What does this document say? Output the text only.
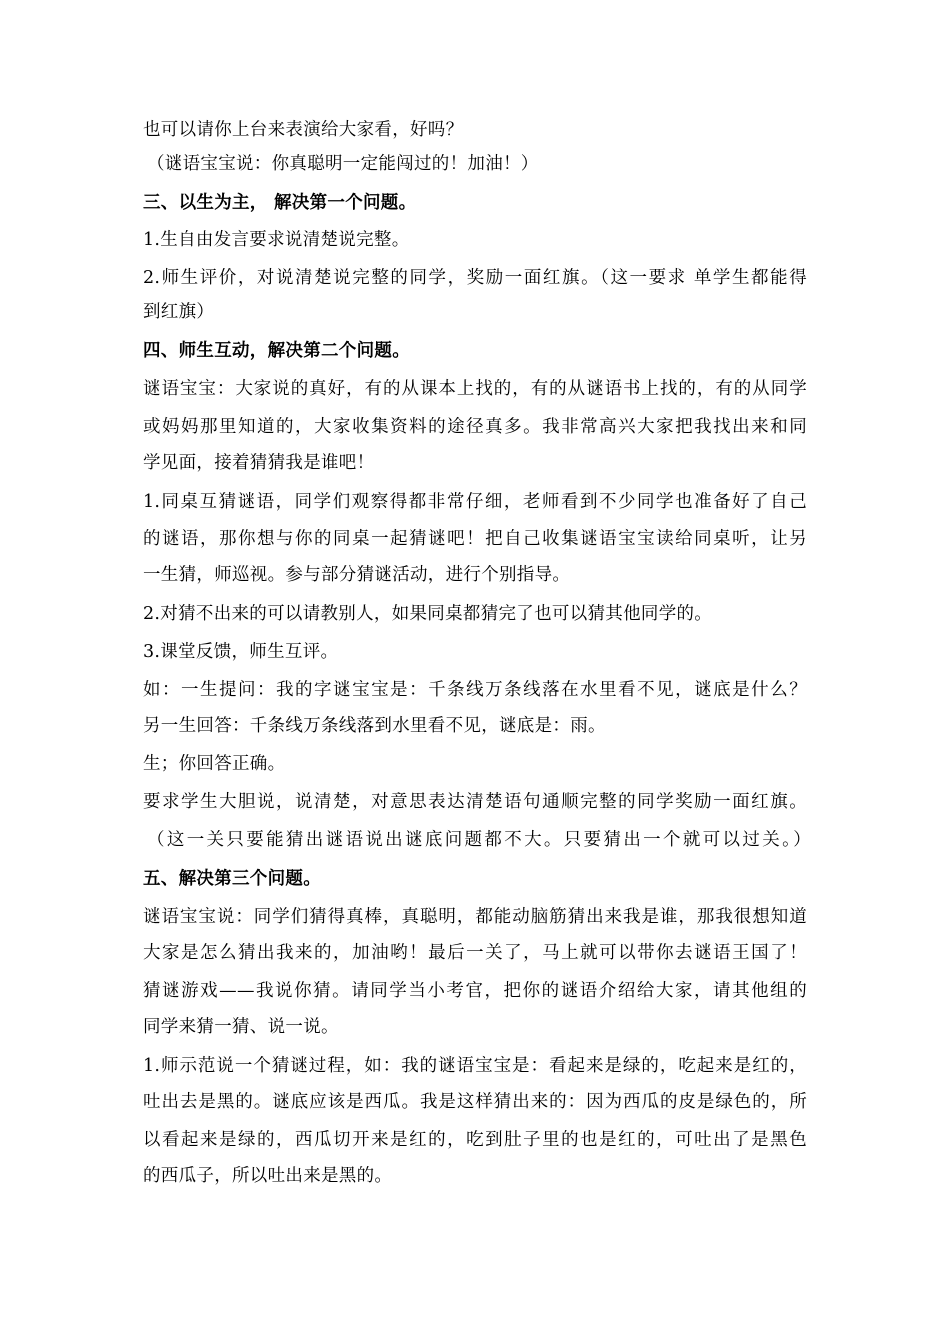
也可以请你上台来表演给大家看，好吗？
（谜语宝宝说：你真聪明一定能闯过的！加油！）
三、以生为主， 解决第一个问题。
1.生自由发言要求说清楚说完整。
2.师生评价，对说清楚说完整的同学，奖励一面红旗。（这一要求 单学生都能得
到红旗）
四、师生互动，解决第二个问题。
谜语宝宝：大家说的真好，有的从课本上找的，有的从谜语书上找的，有的从同学
或妈妈那里知道的，大家收集资料的途径真多。我非常高兴大家把我找出来和同
学见面，接着猜猜我是谁吧！
1.同桌互猜谜语，同学们观察得都非常仔细，老师看到不少同学也准备好了自己
的谜语，那你想与你的同桌一起猜谜吧！把自己收集谜语宝宝读给同桌听，让另
一生猜，师巡视。参与部分猜谜活动，进行个别指导。
2.对猜不出来的可以请教别人，如果同桌都猜完了也可以猜其他同学的。
3.课堂反馈，师生互评。
如：一生提问：我的字谜宝宝是：千条线万条线落在水里看不见，谜底是什么？
另一生回答：千条线万条线落到水里看不见，谜底是：雨。
生；你回答正确。
要求学生大胆说，说清楚，对意思表达清楚语句通顺完整的同学奖励一面红旗。
（这一关只要能猜出谜语说出谜底问题都不大。只要猜出一个就可以过关。）
五、解决第三个问题。
谜语宝宝说：同学们猜得真棒，真聪明，都能动脑筋猜出来我是谁，那我很想知道
大家是怎么猜出我来的，加油哟！最后一关了，马上就可以带你去谜语王国了！
猜谜游戏——我说你猜。请同学当小考官，把你的谜语介绍给大家，请其他组的
同学来猜一猜、说一说。
1.师示范说一个猜谜过程，如：我的谜语宝宝是：看起来是绿的，吃起来是红的，
吐出去是黑的。谜底应该是西瓜。我是这样猜出来的：因为西瓜的皮是绿色的，所
以看起来是绿的，西瓜切开来是红的，吃到肚子里的也是红的，可吐出了是黑色
的西瓜子，所以吐出来是黑的。
